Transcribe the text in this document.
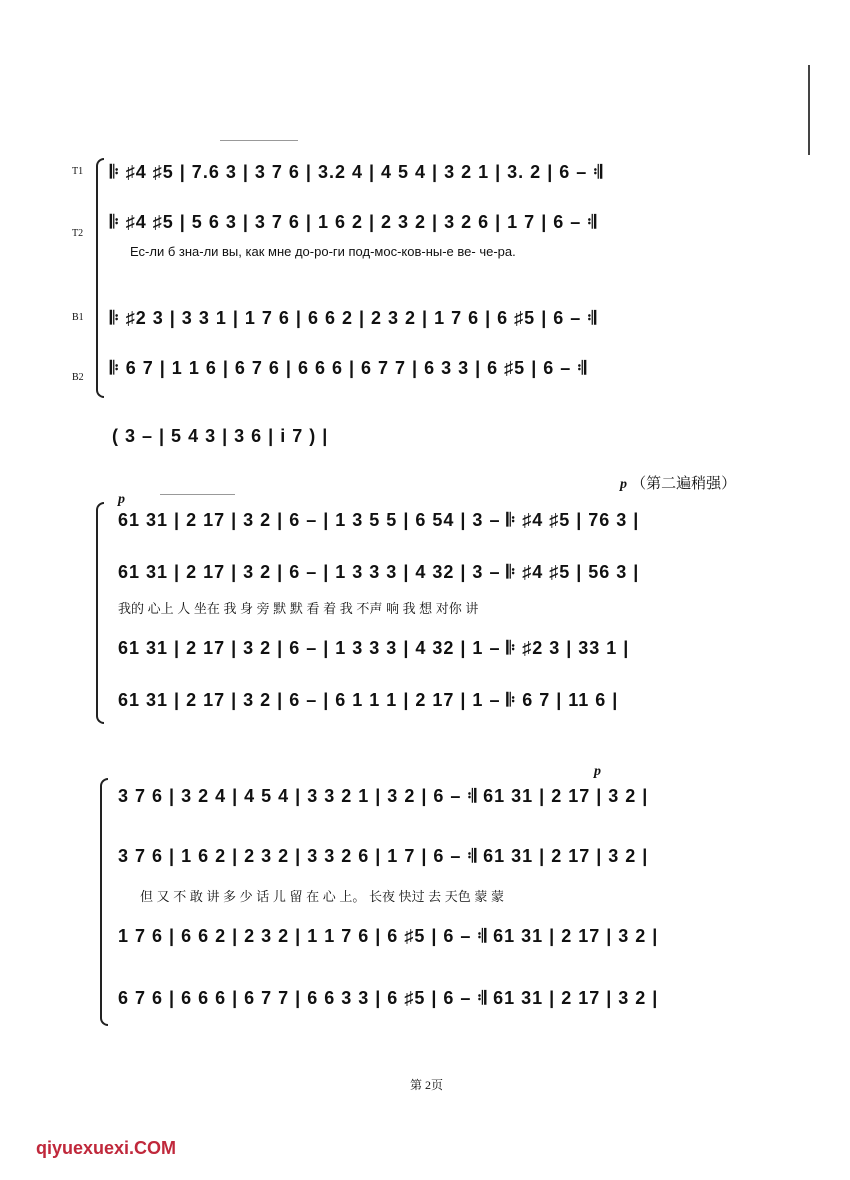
T1
T2
B1
B2
𝄆 ♯4 ♯5 | 7.6 3 | 3 7 6 | 3.2 4 | 4 5 4 | 3 2 1 | 3. 2 | 6 – 𝄇
𝄆 ♯4 ♯5 | 5 6 3 | 3 7 6 | 1 6 2 | 2 3 2 | 3 2 6 | 1 7 | 6 – 𝄇
Ес-ли б зна-ли вы, как мне до-ро-ги под-мос-ков-ны-е ве- че-ра.
𝄆 ♯2 3 | 3 3 1 | 1 7 6 | 6 6 2 | 2 3 2 | 1 7 6 | 6 ♯5 | 6 – 𝄇
𝄆 6 7 | 1 1 6 | 6 7 6 | 6 6 6 | 6 7 7 | 6 3 3 | 6 ♯5 | 6 – 𝄇
( 3 – | 5 4 3 | 3 6 | i 7 ) |
p （第二遍稍强）
p
61 31 | 2 17 | 3 2 | 6 – | 1 3 5 5 | 6 54 | 3 – 𝄆 ♯4 ♯5 | 76 3 |
61 31 | 2 17 | 3 2 | 6 – | 1 3 3 3 | 4 32 | 3 – 𝄆 ♯4 ♯5 | 56 3 |
我的 心上 人 坐在 我 身 旁 默 默 看 着 我 不声 响 我 想 对你 讲
61 31 | 2 17 | 3 2 | 6 – | 1 3 3 3 | 4 32 | 1 – 𝄆 ♯2 3 | 33 1 |
61 31 | 2 17 | 3 2 | 6 – | 6 1 1 1 | 2 17 | 1 – 𝄆 6 7 | 11 6 |
p
3 7 6 | 3 2 4 | 4 5 4 | 3 3 2 1 | 3 2 | 6 – 𝄇 61 31 | 2 17 | 3 2 |
3 7 6 | 1 6 2 | 2 3 2 | 3 3 2 6 | 1 7 | 6 – 𝄇 61 31 | 2 17 | 3 2 |
但 又 不 敢 讲 多 少 话 儿 留 在 心 上。 长夜 快过 去 天色 蒙 蒙
1 7 6 | 6 6 2 | 2 3 2 | 1 1 7 6 | 6 ♯5 | 6 – 𝄇 61 31 | 2 17 | 3 2 |
6 7 6 | 6 6 6 | 6 7 7 | 6 6 3 3 | 6 ♯5 | 6 – 𝄇 61 31 | 2 17 | 3 2 |
第 2页
qiyuexuexi.COM
